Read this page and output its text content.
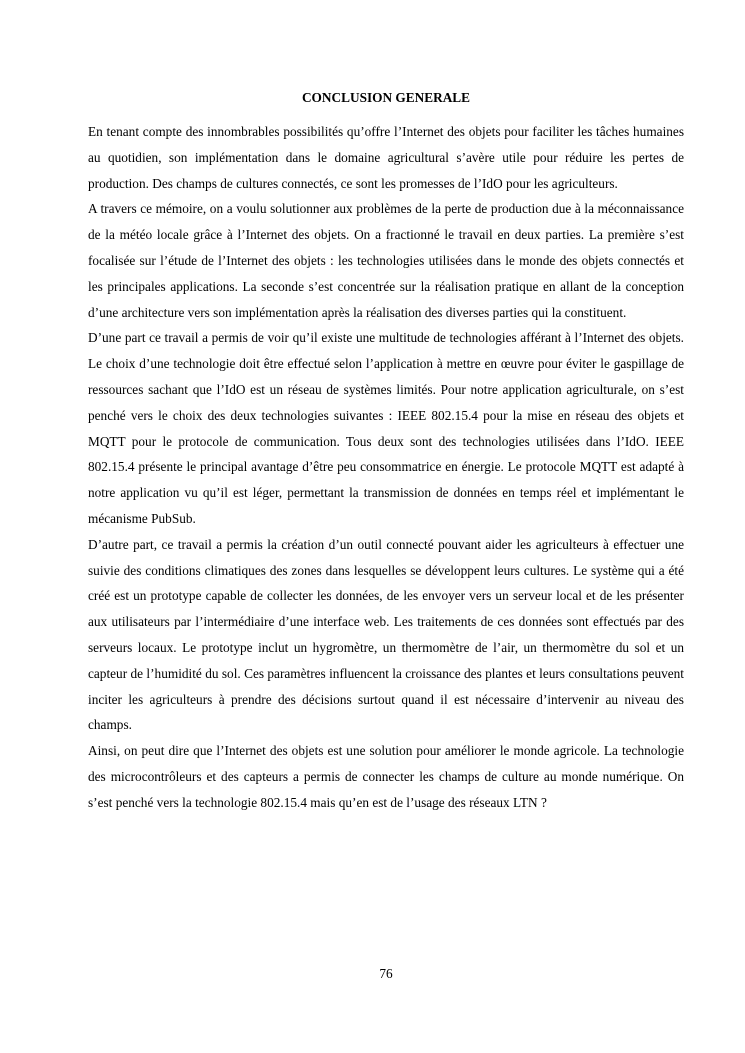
CONCLUSION GENERALE

En tenant compte des innombrables possibilités qu’offre l’Internet des objets pour faciliter les tâches humaines au quotidien, son implémentation dans le domaine agricultural s’avère utile pour réduire les pertes de production. Des champs de cultures connectés, ce sont les promesses de l’IdO pour les agriculteurs.

A travers ce mémoire, on a voulu solutionner aux problèmes de la perte de production due à la méconnaissance de la météo locale grâce à l’Internet des objets. On a fractionné le travail en deux parties. La première s’est focalisée sur l’étude de l’Internet des objets : les technologies utilisées dans le monde des objets connectés et les principales applications. La seconde s’est concentrée sur la réalisation pratique en allant de la conception d’une architecture vers son implémentation après la réalisation des diverses parties qui la constituent.

D’une part ce travail a permis de voir qu’il existe une multitude de technologies afférant à l’Internet des objets. Le choix d’une technologie doit être effectué selon l’application à mettre en œuvre pour éviter le gaspillage de ressources sachant que l’IdO est un réseau de systèmes limités. Pour notre application agriculturale, on s’est penché vers le choix des deux technologies suivantes : IEEE 802.15.4 pour la mise en réseau des objets et MQTT pour le protocole de communication. Tous deux sont des technologies utilisées dans l’IdO. IEEE 802.15.4 présente le principal avantage d’être peu consommatrice en énergie. Le protocole MQTT est adapté à notre application vu qu’il est léger, permettant la transmission de données en temps réel et implémentant le mécanisme PubSub.

D’autre part, ce travail a permis la création d’un outil connecté pouvant aider les agriculteurs à effectuer une suivie des conditions climatiques des zones dans lesquelles se développent leurs cultures. Le système qui a été créé est un prototype capable de collecter les données, de les envoyer vers un serveur local et de les présenter aux utilisateurs par l’intermédiaire d’une interface web. Les traitements de ces données sont effectués par des serveurs locaux. Le prototype inclut un hygromètre, un thermomètre de l’air, un thermomètre du sol et un capteur de l’humidité du sol. Ces paramètres influencent la croissance des plantes et leurs consultations peuvent inciter les agriculteurs à prendre des décisions surtout quand il est nécessaire d’intervenir au niveau des champs.

Ainsi, on peut dire que l’Internet des objets est une solution pour améliorer le monde agricole. La technologie des microcontrôleurs et des capteurs a permis de connecter les champs de culture au monde numérique. On s’est penché vers la technologie 802.15.4 mais qu’en est de l’usage des réseaux LTN ?

76
